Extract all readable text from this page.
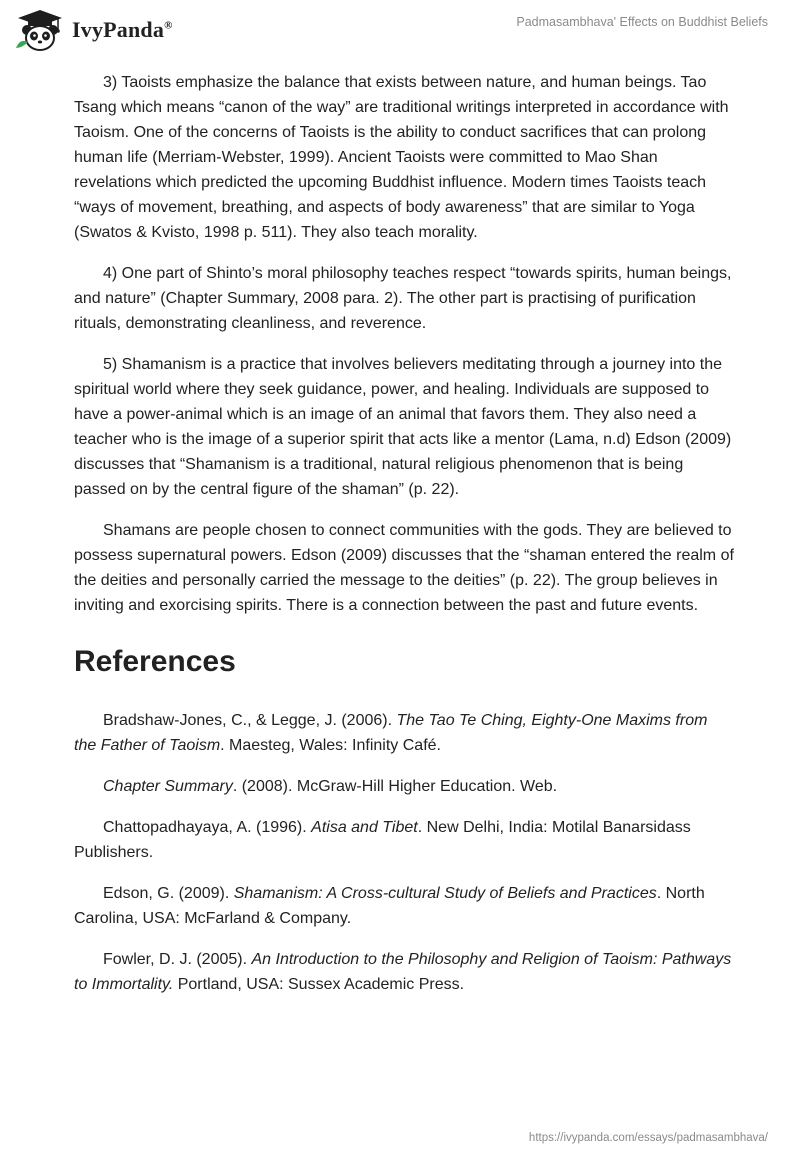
IvyPanda®	Padmasambhava' Effects on Buddhist Beliefs

3) Taoists emphasize the balance that exists between nature, and human beings. Tao Tsang which means “canon of the way” are traditional writings interpreted in accordance with Taoism. One of the concerns of Taoists is the ability to conduct sacrifices that can prolong human life (Merriam-Webster, 1999). Ancient Taoists were committed to Mao Shan revelations which predicted the upcoming Buddhist influence. Modern times Taoists teach “ways of movement, breathing, and aspects of body awareness” that are similar to Yoga (Swatos & Kvisto, 1998 p. 511). They also teach morality.

4) One part of Shinto’s moral philosophy teaches respect “towards spirits, human beings, and nature” (Chapter Summary, 2008 para. 2). The other part is practising of purification rituals, demonstrating cleanliness, and reverence.

5) Shamanism is a practice that involves believers meditating through a journey into the spiritual world where they seek guidance, power, and healing. Individuals are supposed to have a power-animal which is an image of an animal that favors them. They also need a teacher who is the image of a superior spirit that acts like a mentor (Lama, n.d) Edson (2009) discusses that “Shamanism is a traditional, natural religious phenomenon that is being passed on by the central figure of the shaman” (p. 22).

Shamans are people chosen to connect communities with the gods. They are believed to possess supernatural powers. Edson (2009) discusses that the “shaman entered the realm of the deities and personally carried the message to the deities” (p. 22). The group believes in inviting and exorcising spirits. There is a connection between the past and future events.

References

Bradshaw-Jones, C., & Legge, J. (2006). The Tao Te Ching, Eighty-One Maxims from the Father of Taoism. Maesteg, Wales: Infinity Café.

Chapter Summary. (2008). McGraw-Hill Higher Education. Web.

Chattopadhayaya, A. (1996). Atisa and Tibet. New Delhi, India: Motilal Banarsidass Publishers.

Edson, G. (2009). Shamanism: A Cross-cultural Study of Beliefs and Practices. North Carolina, USA: McFarland & Company.

Fowler, D. J. (2005). An Introduction to the Philosophy and Religion of Taoism: Pathways to Immortality. Portland, USA: Sussex Academic Press.

https://ivypanda.com/essays/padmasambhava/
